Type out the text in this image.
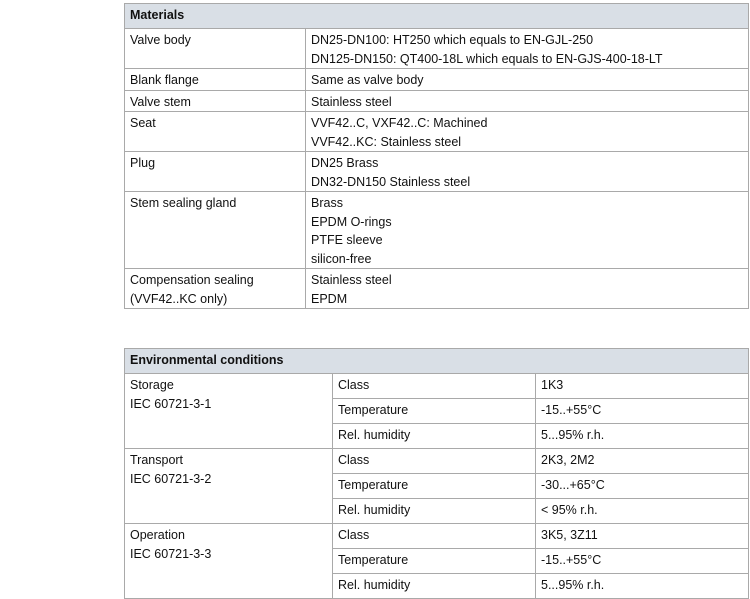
Materials	

Valve body	DN25-DN100: HT250 which equals to EN-GJL-250
DN125-DN150: QT400-18L which equals to EN-GJS-400-18-LT

Blank flange	Same as valve body

Valve stem	Stainless steel

Seat	VVF42..C, VXF42..C: Machined
VVF42..KC: Stainless steel

Plug	DN25 Brass
DN32-DN150 Stainless steel

Stem sealing gland	Brass
EPDM O-rings
PTFE sleeve
silicon-free

Compensation sealing
(VVF42..KC only)	Stainless steel
EPDM
Environmental conditions		

Storage
IEC 60721-3-1	Class	1K3
	Temperature	-15..+55°C
	Rel. humidity	5...95% r.h.

Transport
IEC 60721-3-2	Class	2K3, 2M2
	Temperature	-30...+65°C
	Rel. humidity	< 95% r.h.

Operation
IEC 60721-3-3	Class	3K5, 3Z11
	Temperature	-15..+55°C
	Rel. humidity	5...95% r.h.
